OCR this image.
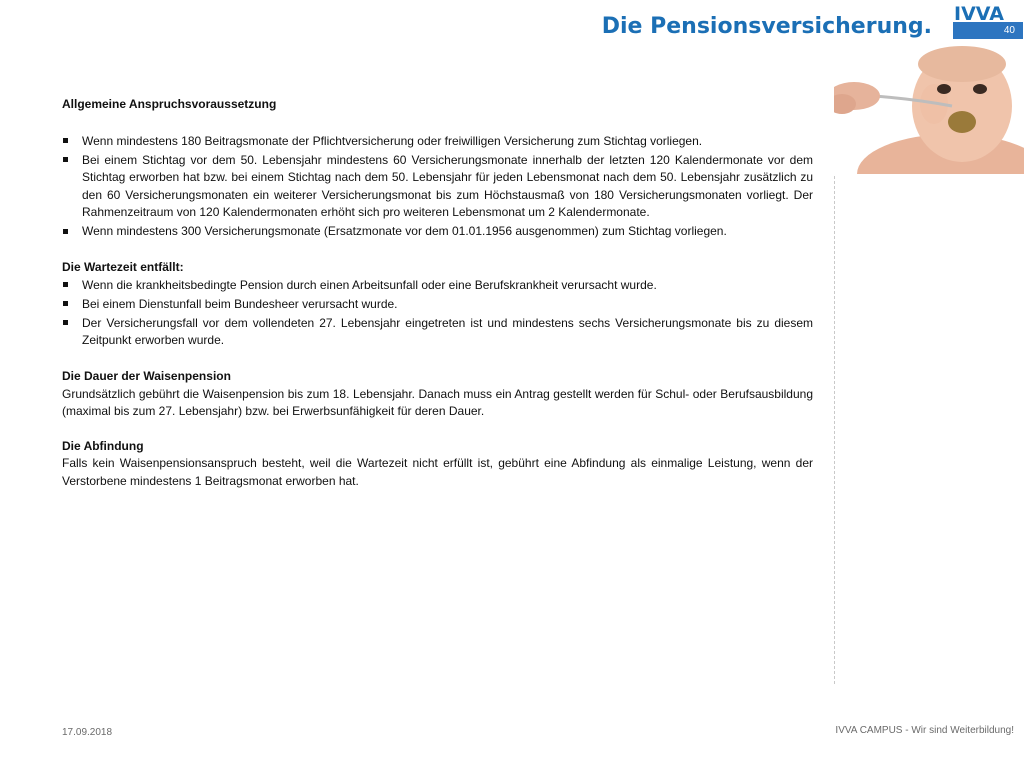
Die Pensionsversicherung. IVVA
40
Allgemeine Anspruchsvoraussetzung
Wenn mindestens 180 Beitragsmonate der Pflichtversicherung oder freiwilligen Versicherung zum Stichtag vorliegen.
Bei einem Stichtag vor dem 50. Lebensjahr mindestens 60 Versicherungsmonate innerhalb der letzten 120 Kalendermonate vor dem Stichtag erworben hat bzw. bei einem Stichtag nach dem 50. Lebensjahr für jeden Lebensmonat nach dem 50. Lebensjahr zusätzlich zu den 60 Versicherungsmonaten ein weiterer Versicherungsmonat bis zum Höchstausmaß von 180 Versicherungsmonaten vorliegt. Der Rahmenzeitraum von 120 Kalendermonaten erhöht sich pro weiteren Lebensmonat um 2 Kalendermonate.
Wenn mindestens 300 Versicherungsmonate (Ersatzmonate vor dem 01.01.1956 ausgenommen) zum Stichtag vorliegen.
Die Wartezeit entfällt:
Wenn die krankheitsbedingte Pension durch einen Arbeitsunfall oder eine Berufskrankheit verursacht wurde.
Bei einem Dienstunfall beim Bundesheer verursacht wurde.
Der Versicherungsfall vor dem vollendeten 27. Lebensjahr eingetreten ist und mindestens sechs Versicherungsmonate bis zu diesem Zeitpunkt erworben wurde.
Die Dauer der Waisenpension

Grundsätzlich gebührt die Waisenpension bis zum 18. Lebensjahr. Danach muss ein Antrag gestellt werden für Schul- oder Berufsausbildung (maximal bis zum 27. Lebensjahr) bzw. bei Erwerbsunfähigkeit für deren Dauer.

Die Abfindung

Falls kein Waisenpensionsanspruch besteht, weil die Wartezeit nicht erfüllt ist, gebührt eine Abfindung als einmalige Leistung, wenn der Verstorbene mindestens 1 Beitragsmonat erworben hat.

17.09.2018	IVVA CAMPUS - Wir sind Weiterbildung!
